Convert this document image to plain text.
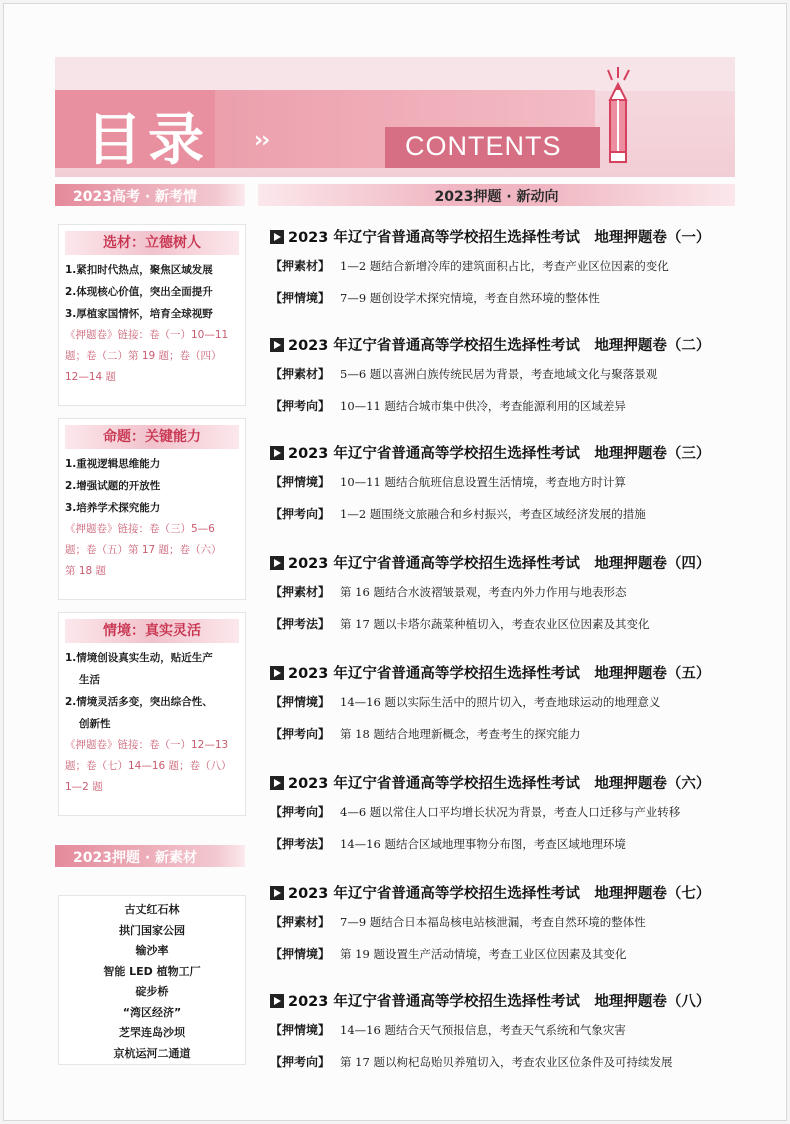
目录 ››	CONTENTS
2023高考 · 新考情	2023押题 · 新动向
选材：立德树人
1.紧扣时代热点，聚焦区域发展
2.体现核心价值，突出全面提升
3.厚植家国情怀，培育全球视野
《押题卷》链接：卷（一）10—11
题；卷（二）第 19 题；卷（四）
12—14 题
命题：关键能力
1.重视逻辑思维能力
2.增强试题的开放性
3.培养学术探究能力
《押题卷》链接：卷（三）5—6
题；卷（五）第 17 题；卷（六）
第 18 题
情境：真实灵活
1.情境创设真实生动，贴近生产
生活
2.情境灵活多变，突出综合性、
创新性
《押题卷》链接：卷（一）12—13
题；卷（七）14—16 题；卷（八）
1—2 题
2023押题 · 新素材
古丈红石林
拱门国家公园
输沙率
智能 LED 植物工厂
碇步桥
“湾区经济”
芝罘连岛沙坝
京杭运河二通道
2023 年辽宁省普通高等学校招生选择性考试　地理押题卷（一）
【押素材】 1—2 题结合新增冷库的建筑面积占比，考查产业区位因素的变化
【押情境】 7—9 题创设学术探究情境，考查自然环境的整体性
2023 年辽宁省普通高等学校招生选择性考试　地理押题卷（二）
【押素材】 5—6 题以喜洲白族传统民居为背景，考查地域文化与聚落景观
【押考向】 10—11 题结合城市集中供冷，考查能源利用的区域差异
2023 年辽宁省普通高等学校招生选择性考试　地理押题卷（三）
【押情境】 10—11 题结合航班信息设置生活情境，考查地方时计算
【押考向】 1—2 题围绕文旅融合和乡村振兴，考查区域经济发展的措施
2023 年辽宁省普通高等学校招生选择性考试　地理押题卷（四）
【押素材】 第 16 题结合水波褶皱景观，考查内外力作用与地表形态
【押考法】 第 17 题以卡塔尔蔬菜种植切入，考查农业区位因素及其变化
2023 年辽宁省普通高等学校招生选择性考试　地理押题卷（五）
【押情境】 14—16 题以实际生活中的照片切入，考查地球运动的地理意义
【押考向】 第 18 题结合地理新概念，考查考生的探究能力
2023 年辽宁省普通高等学校招生选择性考试　地理押题卷（六）
【押考向】 4—6 题以常住人口平均增长状况为背景，考查人口迁移与产业转移
【押考法】 14—16 题结合区域地理事物分布图，考查区域地理环境
2023 年辽宁省普通高等学校招生选择性考试　地理押题卷（七）
【押素材】 7—9 题结合日本福岛核电站核泄漏，考查自然环境的整体性
【押情境】 第 19 题设置生产活动情境，考查工业区位因素及其变化
2023 年辽宁省普通高等学校招生选择性考试　地理押题卷（八）
【押情境】 14—16 题结合天气预报信息，考查天气系统和气象灾害
【押考向】 第 17 题以枸杞岛贻贝养殖切入，考查农业区位条件及可持续发展
